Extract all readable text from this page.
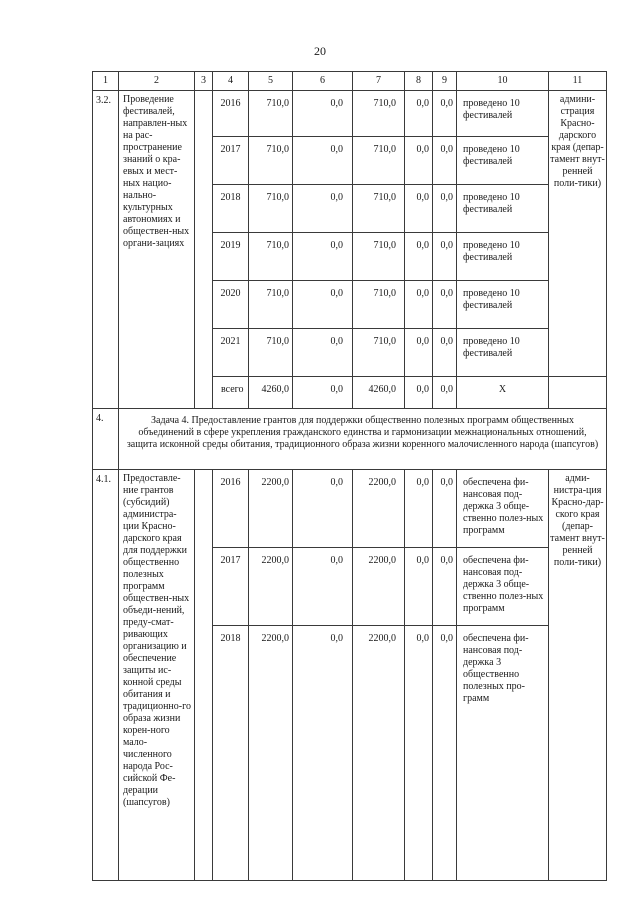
20
1	2	3	4	5	6	7	8	9	10	11
3.2.	Проведение фестивалей, направлен-ных на рас-пространение знаний о кра-евых и мест-ных нацио-нально-культурных автономиях и обществен-ных органи-зациях		2016	710,0	0,0	710,0	0,0	0,0	проведено 10 фестивалей	админи-страция Красно-дарского края (депар-тамент внут-ренней поли-тики)
			2017	710,0	0,0	710,0	0,0	0,0	проведено 10 фестивалей	
			2018	710,0	0,0	710,0	0,0	0,0	проведено 10 фестивалей	
			2019	710,0	0,0	710,0	0,0	0,0	проведено 10 фестивалей	
			2020	710,0	0,0	710,0	0,0	0,0	проведено 10 фестивалей	
			2021	710,0	0,0	710,0	0,0	0,0	проведено 10 фестивалей	
			всего	4260,0	0,0	4260,0	0,0	0,0	Х	
4.	Задача 4. Предоставление грантов для поддержки общественно полезных программ общественных объединений в сфере укрепления гражданского единства и гармонизации межнациональных отношений, защита исконной среды обитания, традиционного образа жизни коренного малочисленного народа (шапсугов)									
4.1.	Предоставле-ние грантов (субсидий) администра-ции Красно-дарского края для поддержки общественно полезных программ обществен-ных объеди-нений, преду-смат-ривающих организацию и обеспечение защиты ис-конной среды обитания и традиционно-го образа жизни корен-ного мало-численного народа Рос-сийской Фе-дерации (шапсугов)		2016	2200,0	0,0	2200,0	0,0	0,0	обеспечена фи-нансовая под-держка 3 обще-ственно полез-ных программ	адми-нистра-ция Красно-дар-ского края (депар-тамент внут-ренней поли-тики)
			2017	2200,0	0,0	2200,0	0,0	0,0	обеспечена фи-нансовая под-держка 3 обще-ственно полез-ных программ	
			2018	2200,0	0,0	2200,0	0,0	0,0	обеспечена фи-нансовая под-держка 3 общественно полезных про-грамм	
